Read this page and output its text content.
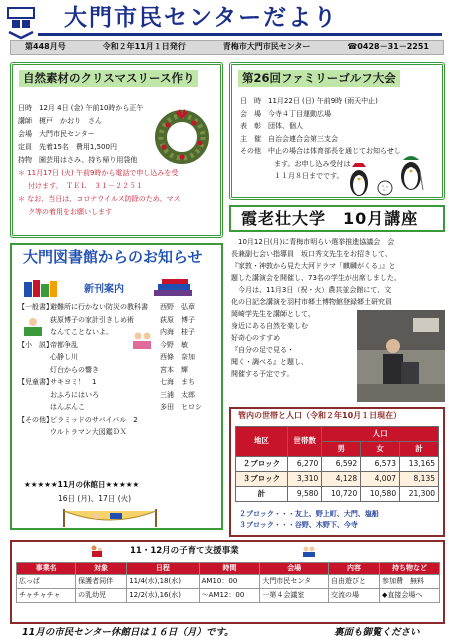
大門市民センターだより
第448月号	令和２年11月１日発行	青梅市大門市民センター	☎0428－31－2251
自然素材のクリスマスリース作り
日時　 12月 4日 (金) 午前10時から正午
講師　 榎戸　かおり　さん
会場　 大門市民センター
定員　 先着15名　費用1,500円
持物　 園芸用はさみ、持ち帰り用袋他
＊ 11月17日 (火) 午前9時から電話で申し込みを受
付けます。　ＴＥＬ　３１－２２５１
＊ なお、当日は、コロナウイルス防除のため、マス
ク等の着用をお願いします
第26回ファミリーゴルフ大会
日　時　 11月22日 (日) 午前9時 (雨天中止)
会　場　 今寺４丁目運動広場
表　彰　 団体、個人
主　催　 自治会連合会第三支会
その他　 中止の場合は体育部長を通じてお知らせし
ます。お申し込み受付は
１１月８日までです。
大門図書館からのお知らせ
新刊案内
【一般書】
避難所に行かない防災の教科書	西野　弘章
荻原博子の家計引きしめ術	荻原　博子
なんてことないよ。	内海　桂子
【小　説】
帝都争乱	今野　敏
心静し川	西條　奈加
灯台からの響き	宮本　輝
【児童書】
サキヨミ！　1	七海　まち
おふろにはいろ	三浦　太郎
はんぶんこ	多田　ヒロシ
【その他】
ピラミッドのサバイバル　2
ウルトラマン大図鑑ＤＸ
★★★★★11月の休館日★★★★★
16日 (月)、17日 (火)
霞老壮大学　10月講座
　10月12日(月)に青梅市明らい選挙推進協議会　会
長兼副七会い指導員　坂口秀文先生をお招きして、
『家敦・神敦から見た大河ドラマ「麒麟がくる」』と
題した講演会を開催し、73名の学生が出席しました。
　今月は、11月3日（祝・火）農共並会館にて、文
化の日記念講演を羽村市郷土博物館登録郷土研究員
岡崎学先生を講師として、
身近にある自然を楽しむ
好奇心のすすめ
『自分の足で見る・
聞く・調べる』と題し、
開催する予定です。
管内の世帯と人口（令和２年10月１日現在）
地区	世帯数	人口		
		男	女	計
２ブロック	6,270	6,592	6,573	13,165
３ブロック	3,310	4,128	4,007	8,135
計	9,580	10,720	10,580	21,300
２ブロック・・・友上、野上町、大門、塩船
３ブロック・・・谷野、木野下、今寺
11・12月の子育て支援事業
事業名	対象	日程	時間	会場	内容	持ち物など
広っぱ	保護者同伴	11/4(水),18(水)	AM10：00	大門市民センタ	自由遊びと	参加費　無料
チャチャチャ	の乳幼児	12/2(水),16(水)	～AM12：00	一第４会議室	交流の場	◆直接会場へ
11月の市民センター休館日は１６日（月）です。	裏面も御覧ください
